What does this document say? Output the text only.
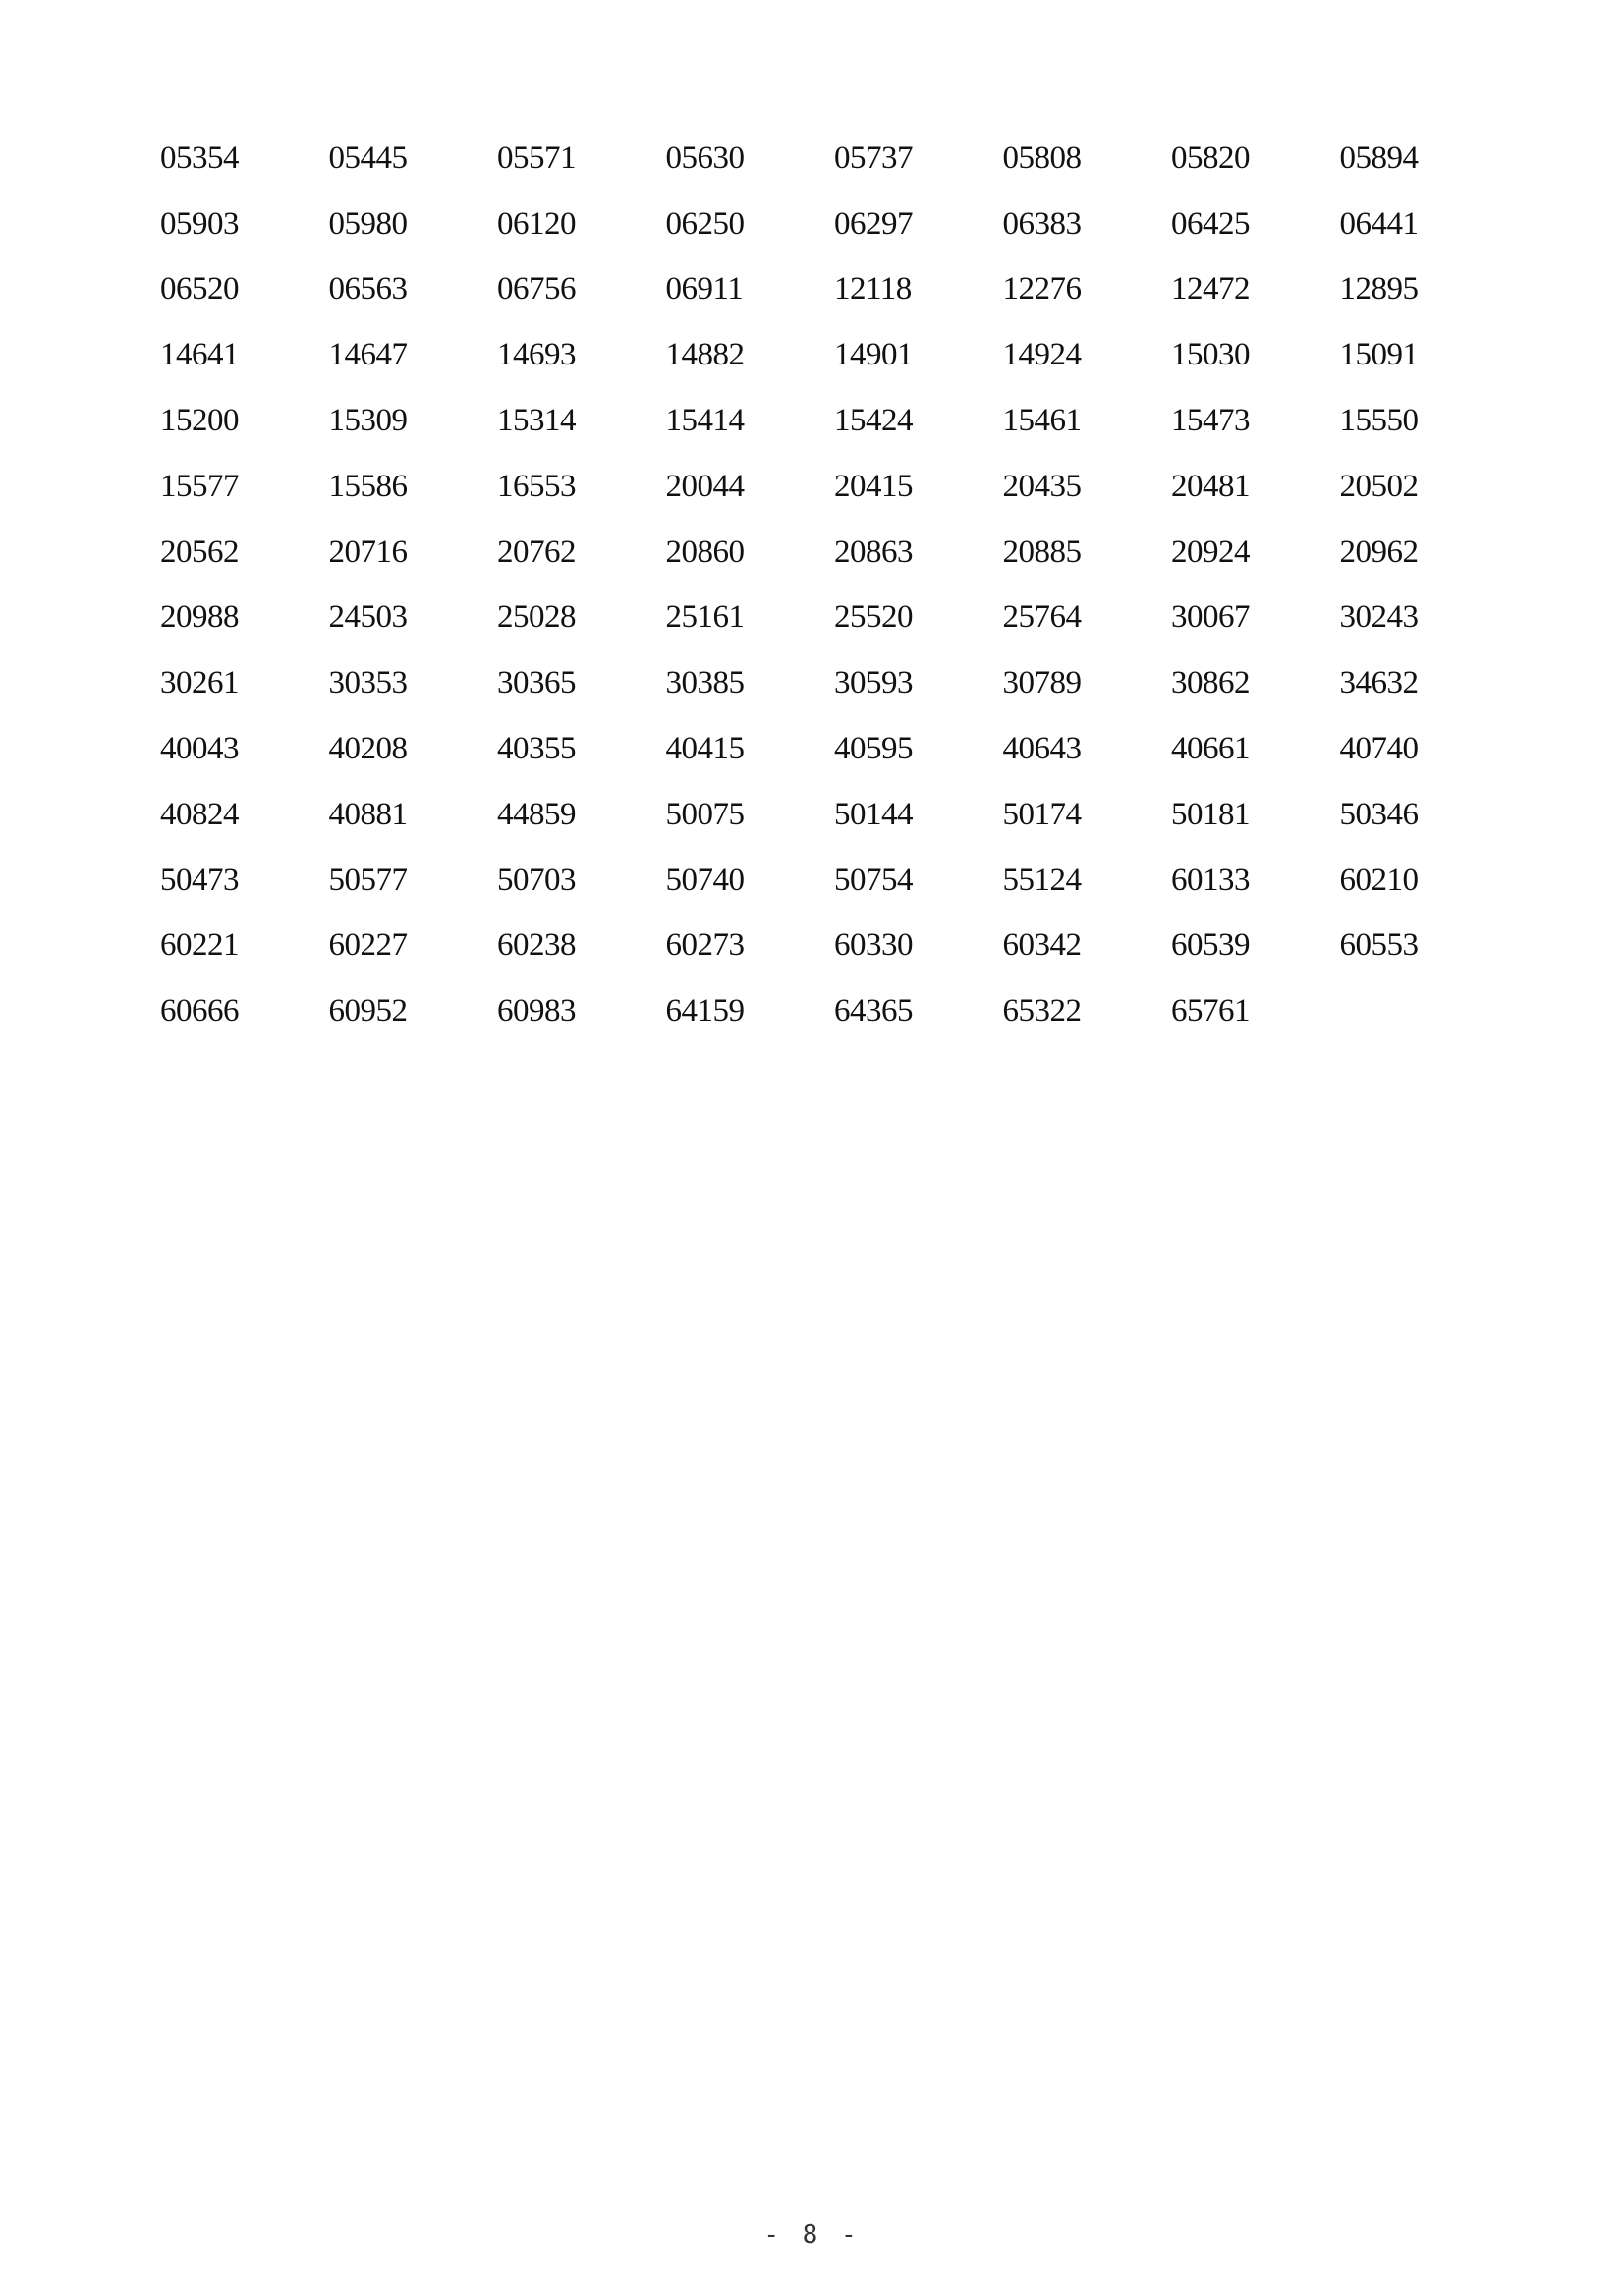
05354	05445	05571	05630	05737	05808	05820	05894
05903	05980	06120	06250	06297	06383	06425	06441
06520	06563	06756	06911	12118	12276	12472	12895
14641	14647	14693	14882	14901	14924	15030	15091
15200	15309	15314	15414	15424	15461	15473	15550
15577	15586	16553	20044	20415	20435	20481	20502
20562	20716	20762	20860	20863	20885	20924	20962
20988	24503	25028	25161	25520	25764	30067	30243
30261	30353	30365	30385	30593	30789	30862	34632
40043	40208	40355	40415	40595	40643	40661	40740
40824	40881	44859	50075	50144	50174	50181	50346
50473	50577	50703	50740	50754	55124	60133	60210
60221	60227	60238	60273	60330	60342	60539	60553
60666	60952	60983	64159	64365	65322	65761
- 8 -
